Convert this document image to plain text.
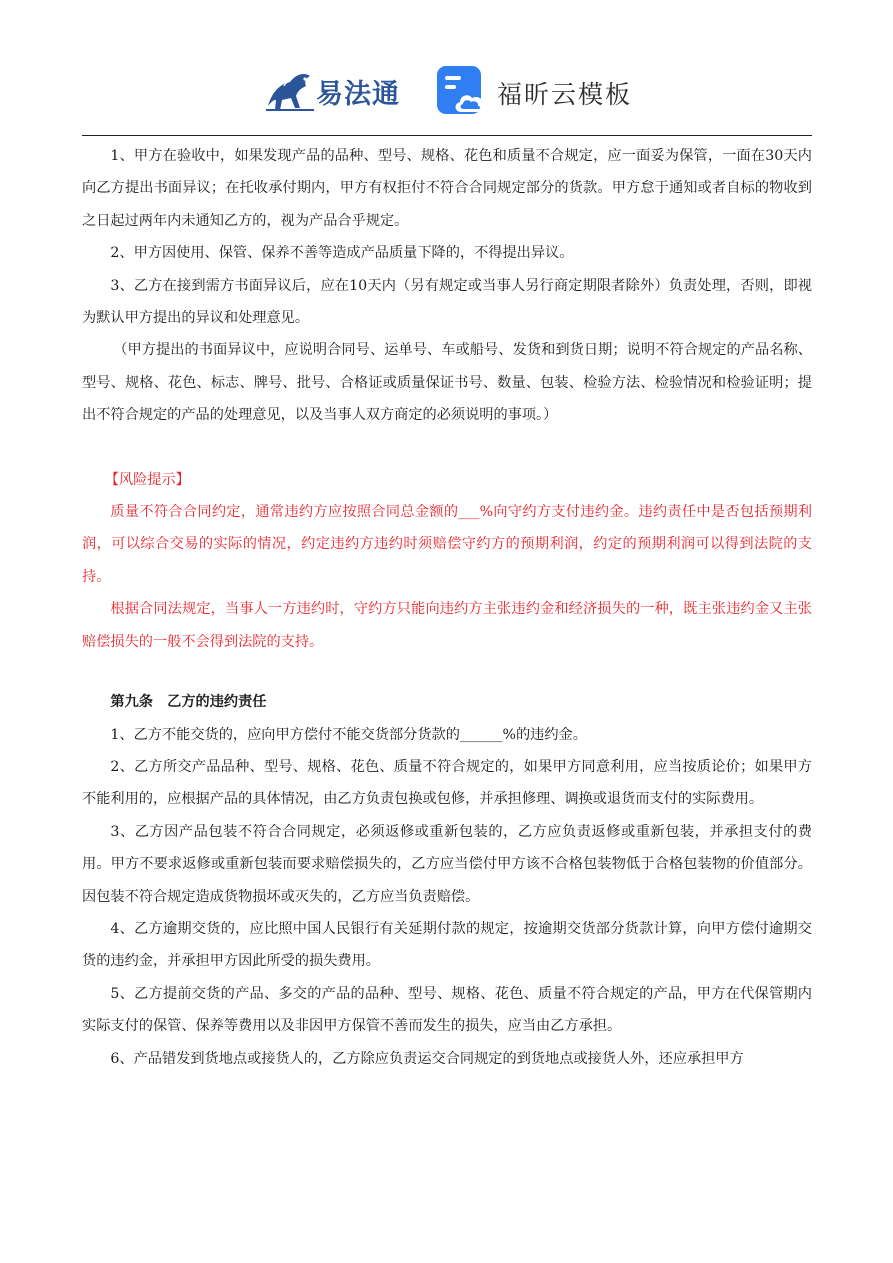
易法通	福昕云模板

1、甲方在验收中，如果发现产品的品种、型号、规格、花色和质量不合规定，应一面妥为保管，一面在30天内向乙方提出书面异议；在托收承付期内，甲方有权拒付不符合合同规定部分的货款。甲方怠于通知或者自标的物收到之日起过两年内未通知乙方的，视为产品合乎规定。

2、甲方因使用、保管、保养不善等造成产品质量下降的，不得提出异议。

3、乙方在接到需方书面异议后，应在10天内（另有规定或当事人另行商定期限者除外）负责处理，否则，即视为默认甲方提出的异议和处理意见。

（甲方提出的书面异议中，应说明合同号、运单号、车或船号、发货和到货日期；说明不符合规定的产品名称、型号、规格、花色、标志、牌号、批号、合格证或质量保证书号、数量、包装、检验方法、检验情况和检验证明；提出不符合规定的产品的处理意见，以及当事人双方商定的必须说明的事项。）

【风险提示】

质量不符合合同约定，通常违约方应按照合同总金额的___%向守约方支付违约金。违约责任中是否包括预期利润，可以综合交易的实际的情况，约定违约方违约时须赔偿守约方的预期利润，约定的预期利润可以得到法院的支持。

根据合同法规定，当事人一方违约时，守约方只能向违约方主张违约金和经济损失的一种，既主张违约金又主张赔偿损失的一般不会得到法院的支持。

第九条　乙方的违约责任

1、乙方不能交货的，应向甲方偿付不能交货部分货款的______%的违约金。

2、乙方所交产品品种、型号、规格、花色、质量不符合规定的，如果甲方同意利用，应当按质论价；如果甲方不能利用的，应根据产品的具体情况，由乙方负责包换或包修，并承担修理、调换或退货而支付的实际费用。

3、乙方因产品包装不符合合同规定，必须返修或重新包装的，乙方应负责返修或重新包装，并承担支付的费用。甲方不要求返修或重新包装而要求赔偿损失的，乙方应当偿付甲方该不合格包装物低于合格包装物的价值部分。因包装不符合规定造成货物损坏或灭失的，乙方应当负责赔偿。

4、乙方逾期交货的，应比照中国人民银行有关延期付款的规定，按逾期交货部分货款计算，向甲方偿付逾期交货的违约金，并承担甲方因此所受的损失费用。

5、乙方提前交货的产品、多交的产品的品种、型号、规格、花色、质量不符合规定的产品，甲方在代保管期内实际支付的保管、保养等费用以及非因甲方保管不善而发生的损失，应当由乙方承担。

6、产品错发到货地点或接货人的，乙方除应负责运交合同规定的到货地点或接货人外，还应承担甲方
